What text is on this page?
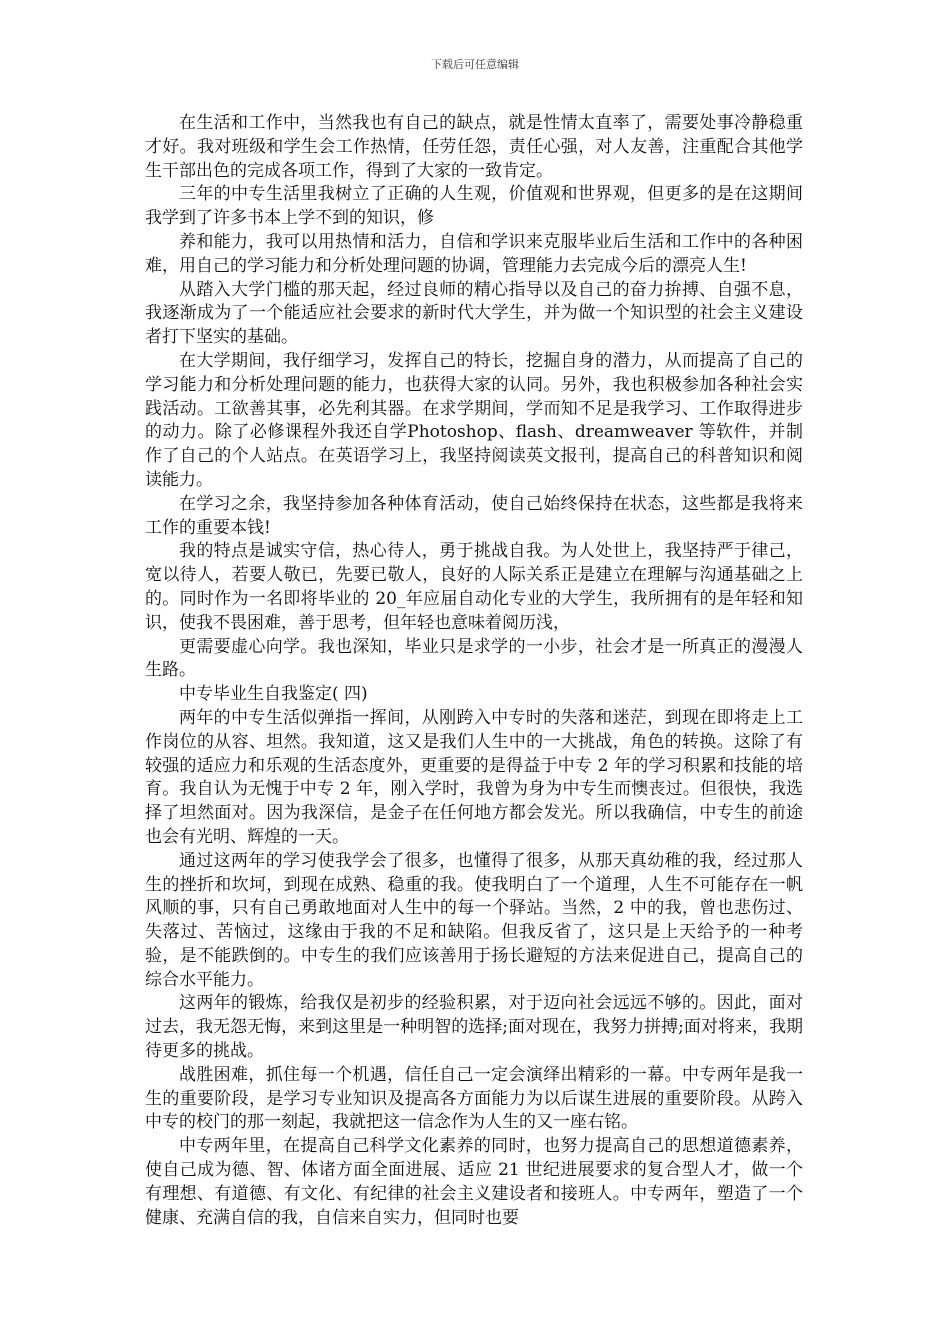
下载后可任意编辑

在生活和工作中，当然我也有自己的缺点，就是性情太直率了，需要处事冷静稳重才好。我对班级和学生会工作热情，任劳任怨，责任心强，对人友善，注重配合其他学生干部出色的完成各项工作，得到了大家的一致肯定。

三年的中专生活里我树立了正确的人生观，价值观和世界观，但更多的是在这期间我学到了许多书本上学不到的知识，修

养和能力，我可以用热情和活力，自信和学识来克服毕业后生活和工作中的各种困难，用自己的学习能力和分析处理问题的协调，管理能力去完成今后的漂亮人生!

从踏入大学门槛的那天起，经过良师的精心指导以及自己的奋力拚搏、自强不息，我逐渐成为了一个能适应社会要求的新时代大学生，并为做一个知识型的社会主义建设者打下坚实的基础。

在大学期间，我仔细学习，发挥自己的特长，挖掘自身的潜力，从而提高了自己的学习能力和分析处理问题的能力，也获得大家的认同。另外，我也积极参加各种社会实践活动。工欲善其事，必先利其器。在求学期间，学而知不足是我学习、工作取得进步的动力。除了必修课程外我还自学Photoshop、flash、dreamweaver 等软件，并制作了自己的个人站点。在英语学习上，我坚持阅读英文报刊，提高自己的科普知识和阅读能力。

在学习之余，我坚持参加各种体育活动，使自己始终保持在状态，这些都是我将来工作的重要本钱!

我的特点是诚实守信，热心待人，勇于挑战自我。为人处世上，我坚持严于律己，宽以待人，若要人敬已，先要已敬人，良好的人际关系正是建立在理解与沟通基础之上的。同时作为一名即将毕业的 20_年应届自动化专业的大学生，我所拥有的是年轻和知识，使我不畏困难，善于思考，但年轻也意味着阅历浅，

更需要虚心向学。我也深知，毕业只是求学的一小步，社会才是一所真正的漫漫人生路。

中专毕业生自我鉴定( 四)

两年的中专生活似弹指一挥间，从刚跨入中专时的失落和迷茫，到现在即将走上工作岗位的从容、坦然。我知道，这又是我们人生中的一大挑战，角色的转换。这除了有较强的适应力和乐观的生活态度外，更重要的是得益于中专 2 年的学习积累和技能的培育。我自认为无愧于中专 2 年，刚入学时，我曾为身为中专生而懊丧过。但很快，我选择了坦然面对。因为我深信，是金子在任何地方都会发光。所以我确信，中专生的前途也会有光明、辉煌的一天。

通过这两年的学习使我学会了很多，也懂得了很多，从那天真幼稚的我，经过那人生的挫折和坎坷，到现在成熟、稳重的我。使我明白了一个道理，人生不可能存在一帆风顺的事，只有自己勇敢地面对人生中的每一个驿站。当然，2 中的我，曾也悲伤过、失落过、苦恼过，这缘由于我的不足和缺陷。但我反省了，这只是上天给予的一种考验，是不能跌倒的。中专生的我们应该善用于扬长避短的方法来促进自己，提高自己的综合水平能力。

这两年的锻炼，给我仅是初步的经验积累，对于迈向社会远远不够的。因此，面对过去，我无怨无悔，来到这里是一种明智的选择;面对现在，我努力拼搏;面对将来，我期待更多的挑战。

战胜困难，抓住每一个机遇，信任自己一定会演绎出精彩的一幕。中专两年是我一生的重要阶段，是学习专业知识及提高各方面能力为以后谋生进展的重要阶段。从跨入中专的校门的那一刻起，我就把这一信念作为人生的又一座右铭。

中专两年里，在提高自己科学文化素养的同时，也努力提高自己的思想道德素养，使自己成为德、智、体诸方面全面进展、适应 21 世纪进展要求的复合型人才，做一个有理想、有道德、有文化、有纪律的社会主义建设者和接班人。中专两年，塑造了一个健康、充满自信的我，自信来自实力，但同时也要
